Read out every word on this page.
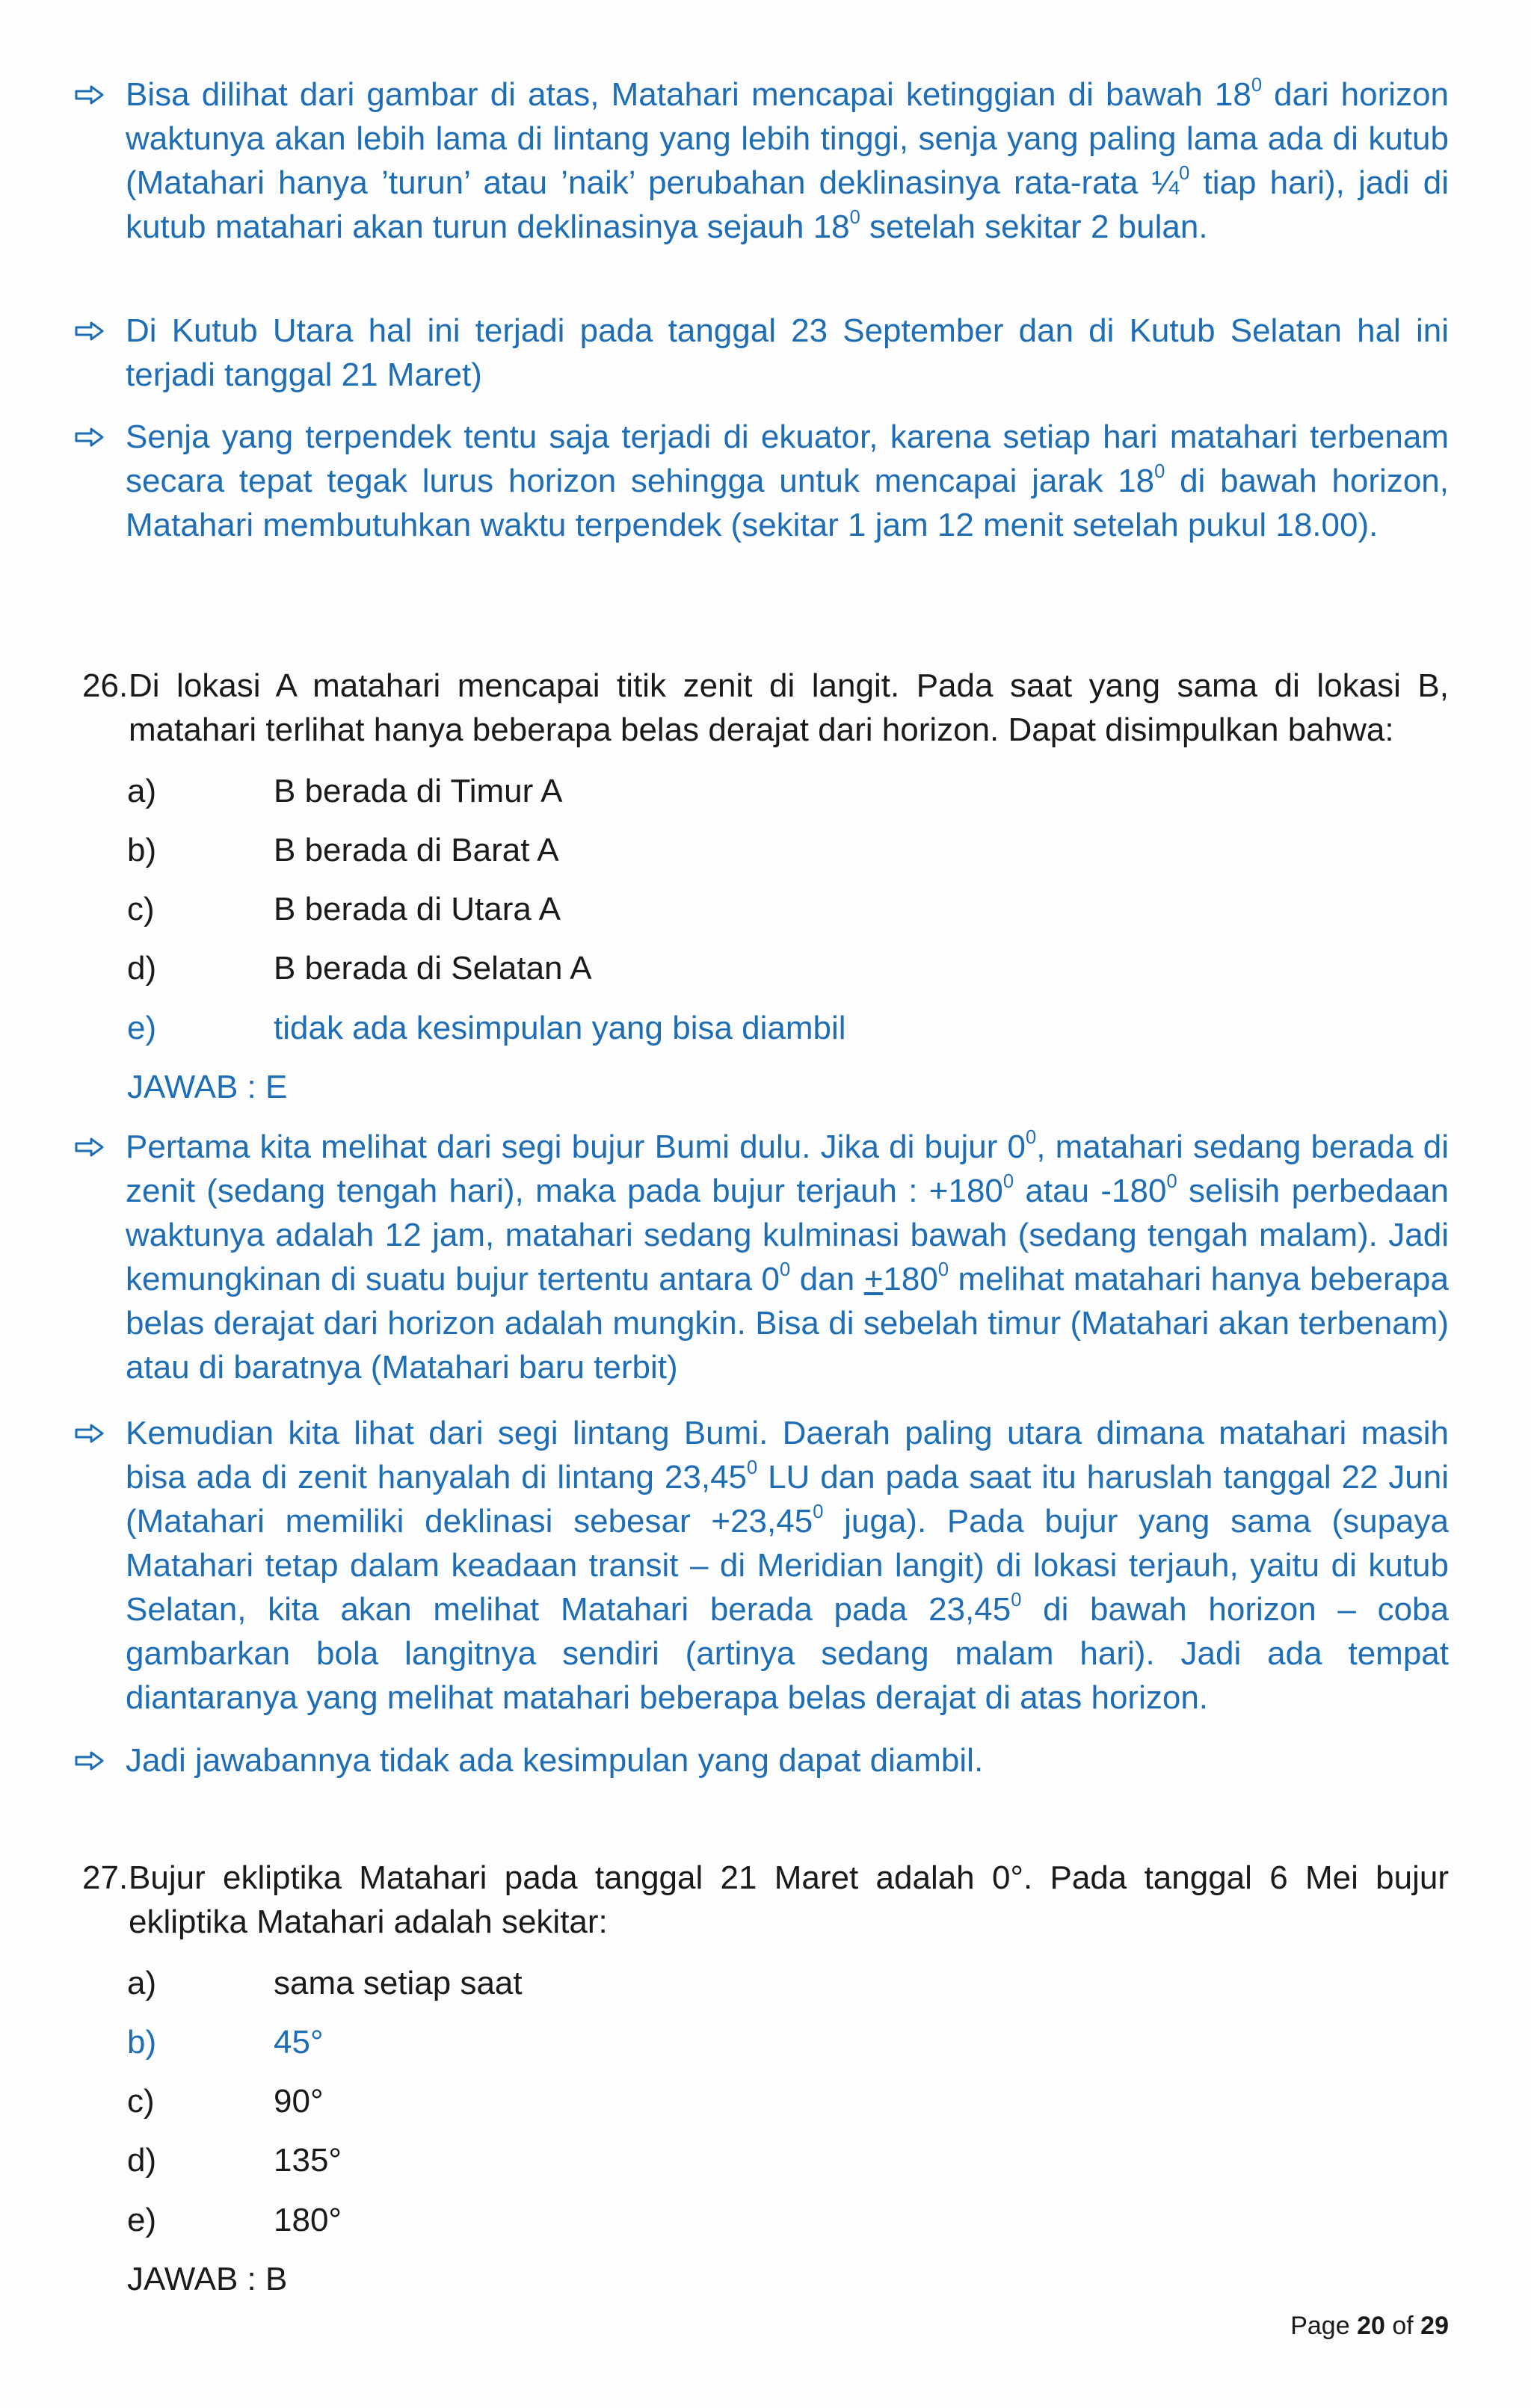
Bisa dilihat dari gambar di atas, Matahari mencapai ketinggian di bawah $18^0$ dari horizon waktunya akan lebih lama di lintang yang lebih tinggi, senja yang paling lama ada di kutub (Matahari hanya ’turun’ atau ’naik’ perubahan deklinasinya rata-rata ¼$^0$ tiap hari), jadi di kutub matahari akan turun deklinasinya sejauh $18^0$ setelah sekitar 2 bulan.
Di Kutub Utara hal ini terjadi pada tanggal 23 September dan di Kutub Selatan hal ini terjadi tanggal 21 Maret)
Senja yang terpendek tentu saja terjadi di ekuator, karena setiap hari matahari terbenam secara tepat tegak lurus horizon sehingga untuk mencapai jarak $18^0$ di bawah horizon, Matahari membutuhkan waktu terpendek (sekitar 1 jam 12 menit setelah pukul 18.00).
26. Di lokasi A matahari mencapai titik zenit di langit. Pada saat yang sama di lokasi B, matahari terlihat hanya beberapa belas derajat dari horizon. Dapat disimpulkan bahwa:
a)	B berada di Timur A
b)	B berada di Barat A
c)	B berada di Utara A
d)	B berada di Selatan A
e)	tidak ada kesimpulan yang bisa diambil
JAWAB : E
Pertama kita melihat dari segi bujur Bumi dulu. Jika di bujur $0^0$, matahari sedang berada di zenit (sedang tengah hari), maka pada bujur terjauh : $+180^0$ atau $-180^0$ selisih perbedaan waktunya adalah 12 jam, matahari sedang kulminasi bawah (sedang tengah malam). Jadi kemungkinan di suatu bujur tertentu antara $0^0$ dan $+180^0$ melihat matahari hanya beberapa belas derajat dari horizon adalah mungkin. Bisa di sebelah timur (Matahari akan terbenam) atau di baratnya (Matahari baru terbit)
Kemudian kita lihat dari segi lintang Bumi. Daerah paling utara dimana matahari masih bisa ada di zenit hanyalah di lintang 23,45$^0$ LU dan pada saat itu haruslah tanggal 22 Juni (Matahari memiliki deklinasi sebesar $+23,45^0$ juga). Pada bujur yang sama (supaya Matahari tetap dalam keadaan transit – di Meridian langit) di lokasi terjauh, yaitu di kutub Selatan, kita akan melihat Matahari berada pada 23,45$^0$ di bawah horizon – coba gambarkan bola langitnya sendiri (artinya sedang malam hari). Jadi ada tempat diantaranya yang melihat matahari beberapa belas derajat di atas horizon.
Jadi jawabannya tidak ada kesimpulan yang dapat diambil.
27. Bujur ekliptika Matahari pada tanggal 21 Maret adalah 0°. Pada tanggal 6 Mei bujur ekliptika Matahari adalah sekitar:
a)	sama setiap saat
b)	45°
c)	90°
d)	135°
e)	180°
JAWAB : B
Page 20 of 29
